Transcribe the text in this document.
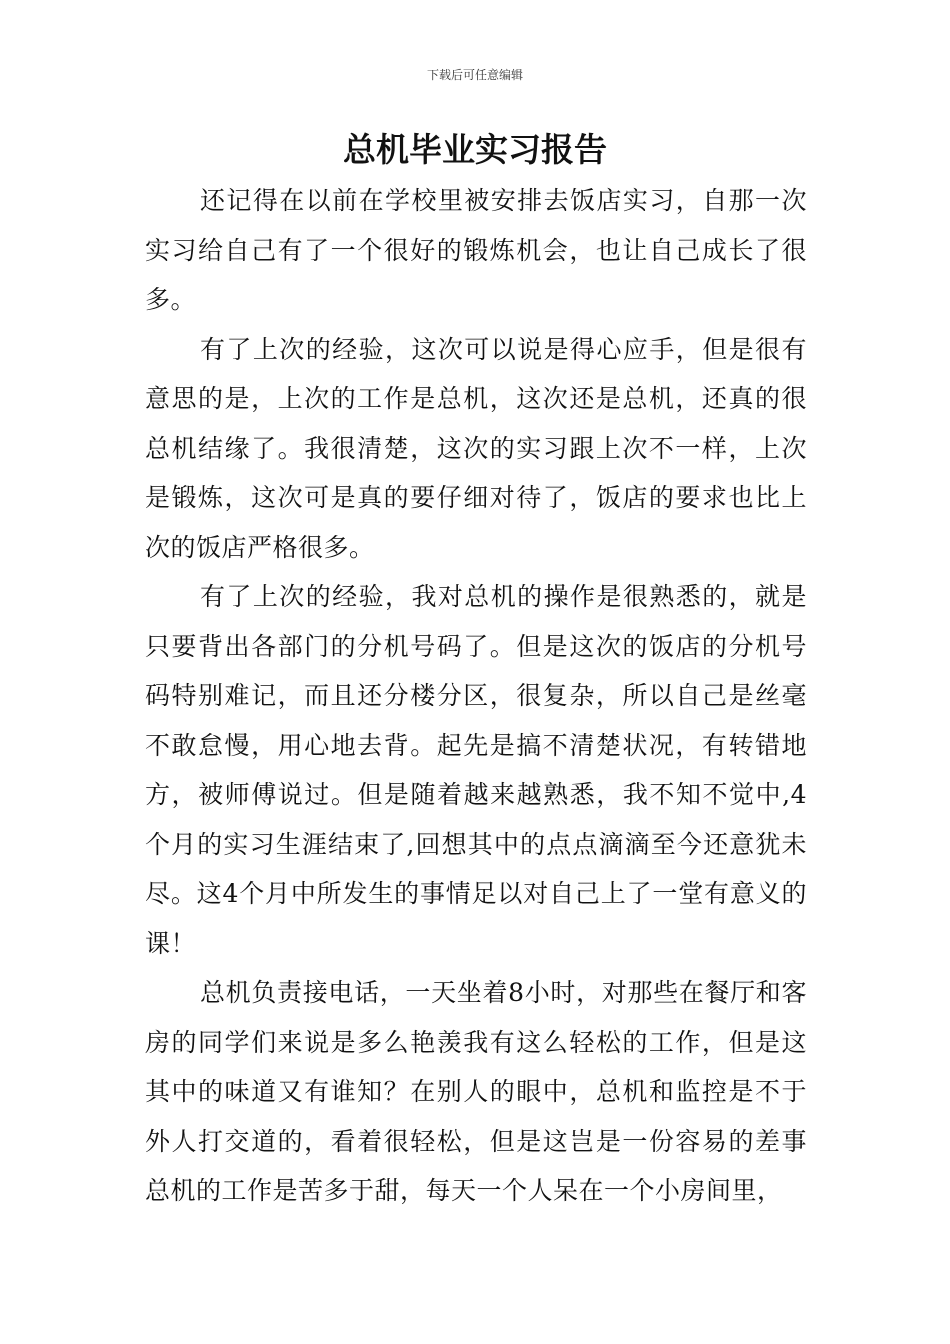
下载后可任意编辑
总机毕业实习报告

还记得在以前在学校里被安排去饭店实习，自那一次实习给自己有了一个很好的锻炼机会，也让自己成长了很多。

有了上次的经验，这次可以说是得心应手，但是很有意思的是，上次的工作是总机，这次还是总机，还真的很总机结缘了。我很清楚，这次的实习跟上次不一样，上次是锻炼，这次可是真的要仔细对待了，饭店的要求也比上次的饭店严格很多。

有了上次的经验，我对总机的操作是很熟悉的，就是只要背出各部门的分机号码了。但是这次的饭店的分机号码特别难记，而且还分楼分区，很复杂，所以自己是丝毫不敢怠慢，用心地去背。起先是搞不清楚状况，有转错地方，被师傅说过。但是随着越来越熟悉，我不知不觉中,4个月的实习生涯结束了,回想其中的点点滴滴至今还意犹未尽。这4个月中所发生的事情足以对自己上了一堂有意义的课！

总机负责接电话，一天坐着8小时，对那些在餐厅和客房的同学们来说是多么艳羡我有这么轻松的工作，但是这其中的味道又有谁知？在别人的眼中，总机和监控是不于外人打交道的，看着很轻松，但是这岂是一份容易的差事总机的工作是苦多于甜，每天一个人呆在一个小房间里，
